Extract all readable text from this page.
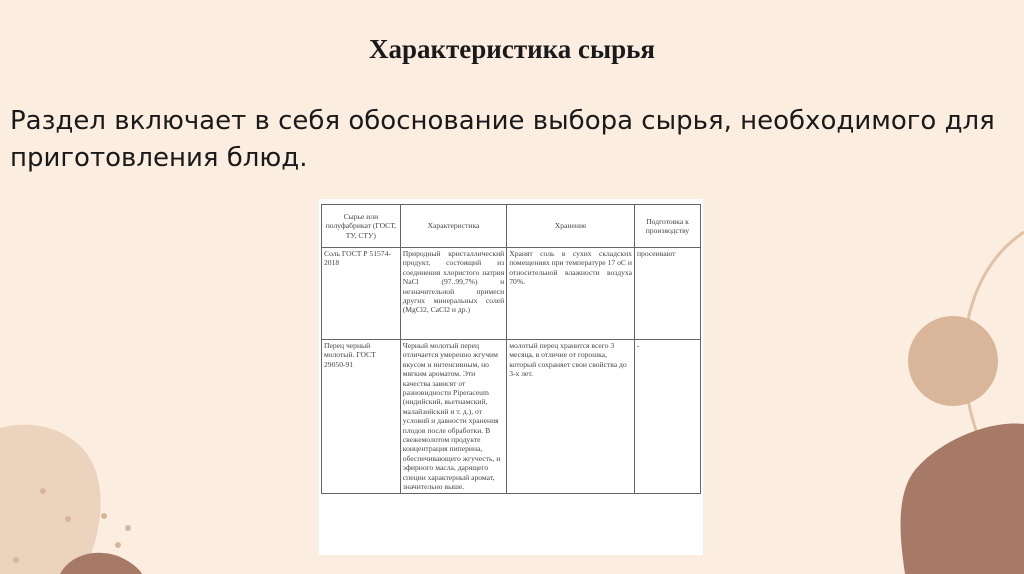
Характеристика сырья
Раздел включает в себя обоснование выбора сырья, необходимого для приготовления блюд.
Сырье или полуфабрикат (ГОСТ, ТУ, СТУ)	Характеристика	Хранение	Подготовка к производству
Соль ГОСТ Р 51574-2018	Природный кристаллический продукт, состоящий из соединения хлористого натрия NaCl (97..99,7%) и незначительной примеси других минеральных солей (MgCl2, CaCl2 и др.)	Хранят соль в сухих складских помещениях при температуре 17 оС и относительной влажности воздуха 70%.	просеивают
Перец черный молотый. ГОСТ 29050-91	Черный молотый перец отличается умеренно жгучим вкусом и интенсивным, но мягким ароматом. Эти качества зависят от разновидности Piperaceum (индийский, вьетнамский, малайзийский и т. д.), от условий и давности хранения плодов после обработки. В свежемолотом продукте концентрация пиперина, обеспечивающего жгучесть, и эфирного масла, дарящего специи характерный аромат, значительно выше.	молотый перец хранится всего 3 месяца, в отличие от горошка, который сохраняет свои свойства до 3-х лет.	-
